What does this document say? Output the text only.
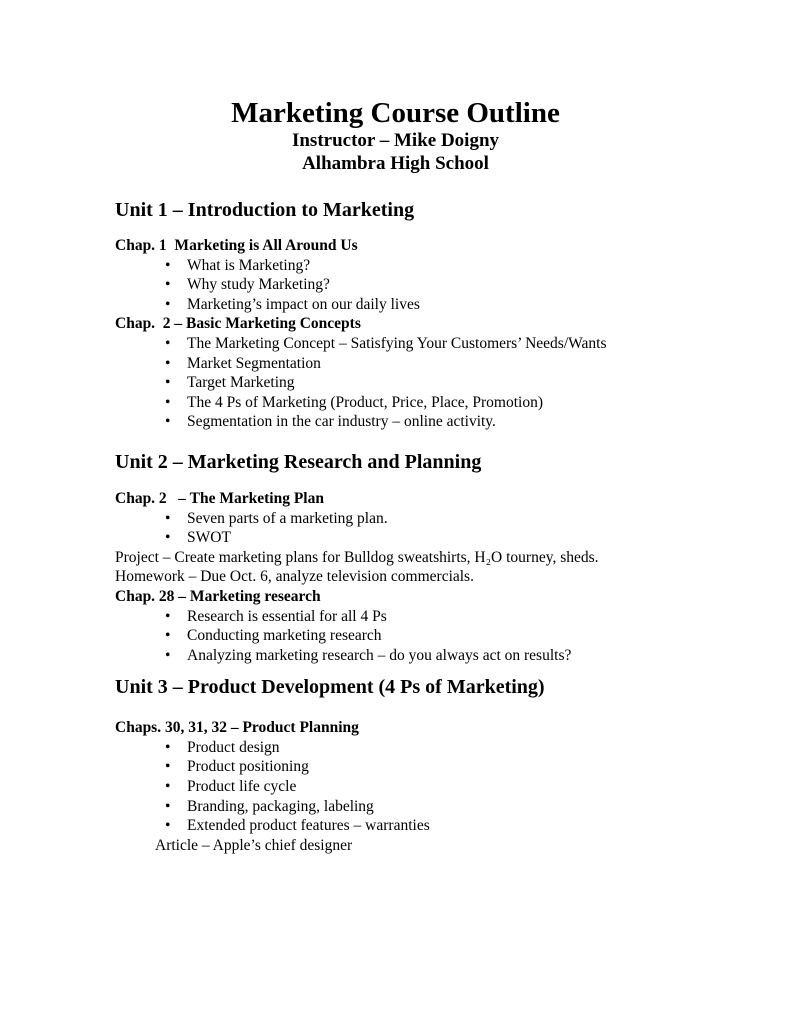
Marketing Course Outline
Instructor – Mike Doigny
Alhambra High School
Unit 1 – Introduction to Marketing
Chap. 1  Marketing is All Around Us
•	What is Marketing?
•	Why study Marketing?
•	Marketing’s impact on our daily lives
Chap.  2 – Basic Marketing Concepts
•	The Marketing Concept – Satisfying Your Customers’ Needs/Wants
•	Market Segmentation
•	Target Marketing
•	The 4 Ps of Marketing (Product, Price, Place, Promotion)
•	Segmentation in the car industry – online activity.
Unit 2 – Marketing Research and Planning
Chap. 2   – The Marketing Plan
•	Seven parts of a marketing plan.
•	SWOT

Project – Create marketing plans for Bulldog sweatshirts, H₂O tourney, sheds.

Homework – Due Oct. 6, analyze television commercials.

Chap. 28 – Marketing research
•	Research is essential for all 4 Ps
•	Conducting marketing research
•	Analyzing marketing research – do you always act on results?
Unit 3 – Product Development (4 Ps of Marketing)
Chaps. 30, 31, 32 – Product Planning
•	Product design
•	Product positioning
•	Product life cycle
•	Branding, packaging, labeling
•	Extended product features – warranties

Article – Apple’s chief designer
